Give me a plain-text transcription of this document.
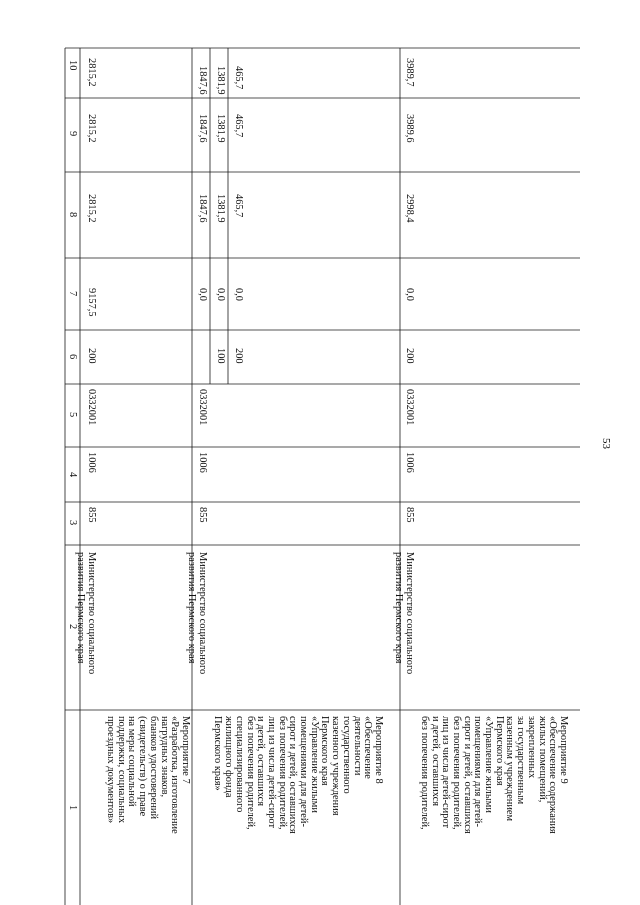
53
10
9
8
7
6
5
4
3
2
1
2815,2
2815,2
2815,2
9157,5
200
0332001
1006
855
Министерство социального
развития Пермского края
Мероприятие 7
«Разработка, изготовление
нагрудных знаков,
бланков удостоверений
(свидетельств) о праве
на меры социальной
поддержки, социальных
проездных документов»
1847,6
1847,6
1847,6
0,0
1381,9
1381,9
1381,9
0,0
100
465,7
465,7
465,7
0,0
200
0332001
1006
855
Министерство социального
развития Пермского края
Мероприятие 8
«Обеспечение
деятельности
государственного
казенного учреждения
Пермского края
«Управление жилыми
помещениями для детей-
сирот и детей, оставшихся
без попечения родителей,
лиц из числа детей-сирот
и детей, оставшихся
без попечения родителей,
специализированного
жилищного фонда
Пермского края»
3989,7
3989,6
2998,4
0,0
200
0332001
1006
855
Министерство социального
развития Пермского края
Мероприятие 9
«Обеспечение содержания
жилых помещений,
закрепленных
за государственным
казенным учреждением
Пермского края
«Управление жилыми
помещениями для детей-
сирот и детей, оставшихся
без попечения родителей,
лиц из числа детей-сирот
и детей, оставшихся
без попечения родителей,
